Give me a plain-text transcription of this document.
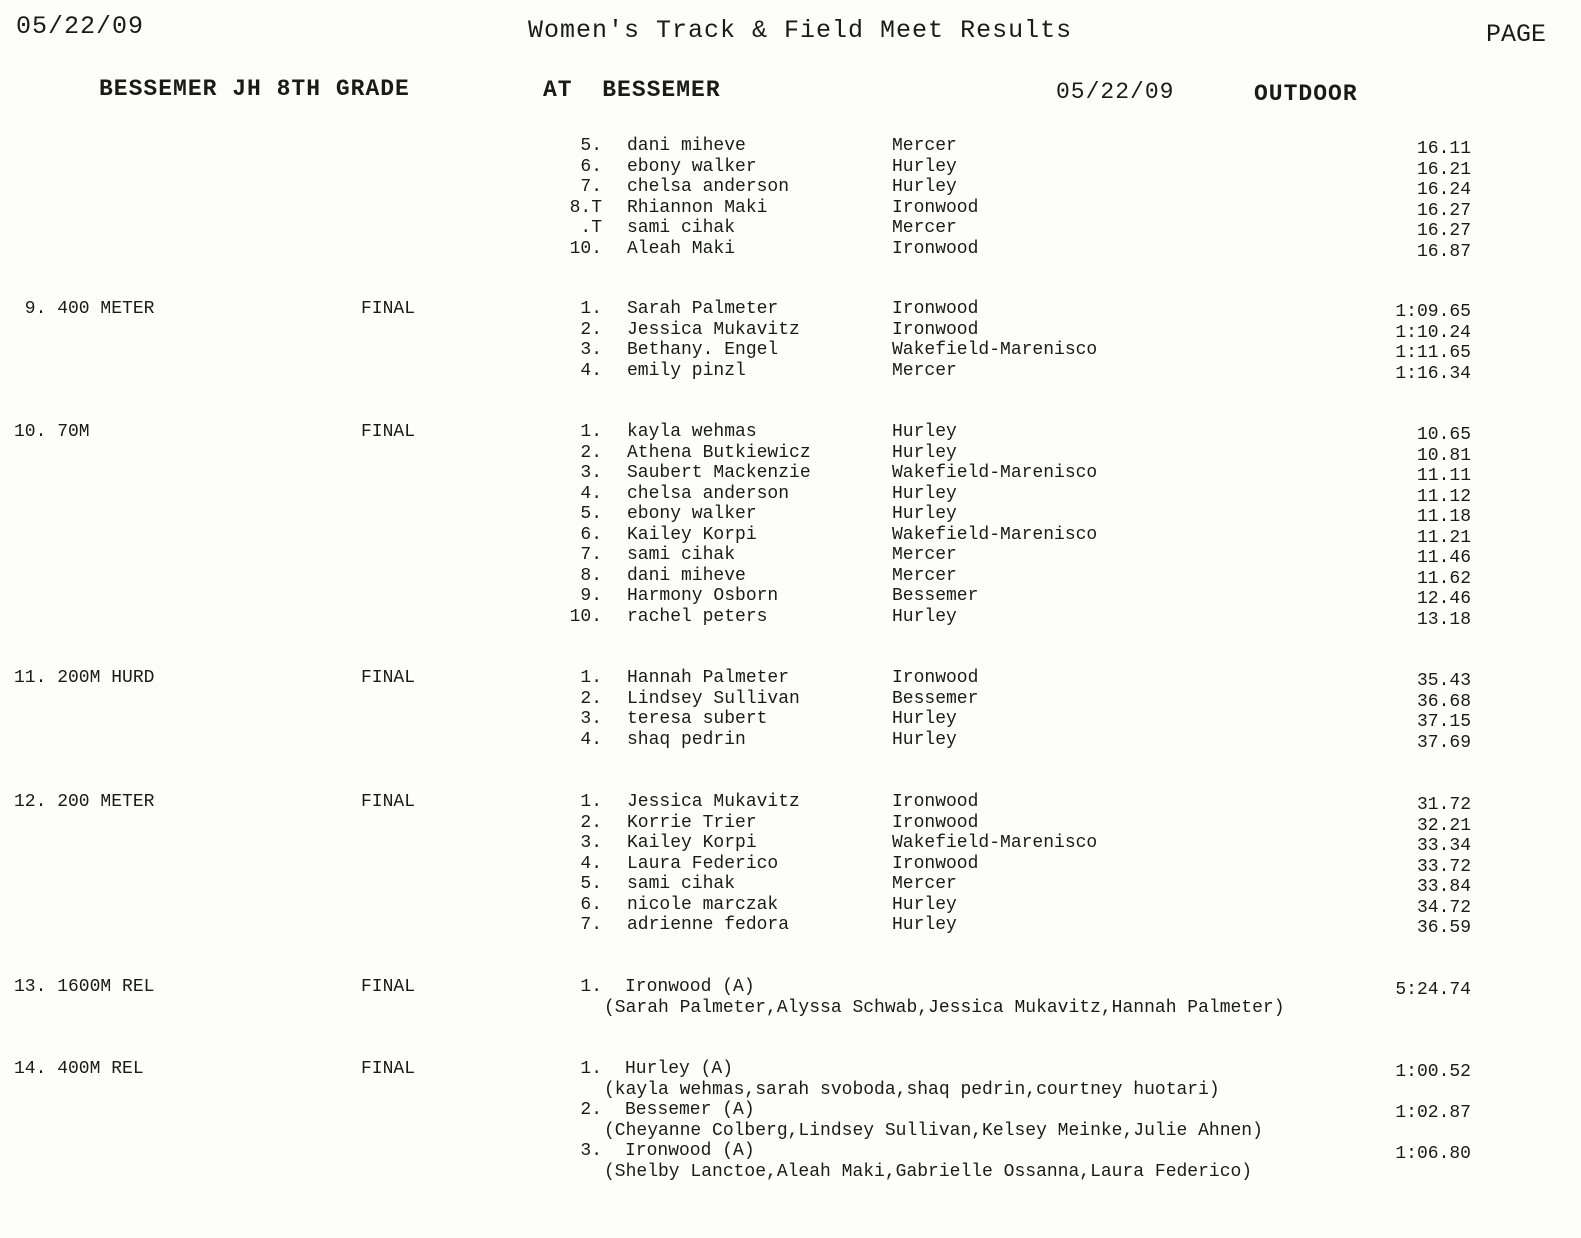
05/22/09	Women's Track & Field Meet Results	PAGE
BESSEMER JH 8TH GRADE	AT  BESSEMER	05/22/09	OUTDOOR
5. dani miheve	Mercer	16.11
6. ebony walker	Hurley	16.21
7. chelsa anderson	Hurley	16.24
8.T Rhiannon Maki	Ironwood	16.27
.T sami cihak	Mercer	16.27
10. Aleah Maki	Ironwood	16.87
9. 400 METER	FINAL	1. Sarah Palmeter	Ironwood	1:09.65
2. Jessica Mukavitz	Ironwood	1:10.24
3. Bethany. Engel	Wakefield-Marenisco	1:11.65
4. emily pinzl	Mercer	1:16.34
10. 70M	FINAL	1. kayla wehmas	Hurley	10.65
2. Athena Butkiewicz	Hurley	10.81
3. Saubert Mackenzie	Wakefield-Marenisco	11.11
4. chelsa anderson	Hurley	11.12
5. ebony walker	Hurley	11.18
6. Kailey Korpi	Wakefield-Marenisco	11.21
7. sami cihak	Mercer	11.46
8. dani miheve	Mercer	11.62
9. Harmony Osborn	Bessemer	12.46
10. rachel peters	Hurley	13.18
11. 200M HURD	FINAL	1. Hannah Palmeter	Ironwood	35.43
2. Lindsey Sullivan	Bessemer	36.68
3. teresa subert	Hurley	37.15
4. shaq pedrin	Hurley	37.69
12. 200 METER	FINAL	1. Jessica Mukavitz	Ironwood	31.72
2. Korrie Trier	Ironwood	32.21
3. Kailey Korpi	Wakefield-Marenisco	33.34
4. Laura Federico	Ironwood	33.72
5. sami cihak	Mercer	33.84
6. nicole marczak	Hurley	34.72
7. adrienne fedora	Hurley	36.59
13. 1600M REL	FINAL	1. Ironwood (A)	5:24.74
(Sarah Palmeter,Alyssa Schwab,Jessica Mukavitz,Hannah Palmeter)
14. 400M REL	FINAL	1. Hurley (A)	1:00.52
(kayla wehmas,sarah svoboda,shaq pedrin,courtney huotari)
2. Bessemer (A)	1:02.87
(Cheyanne Colberg,Lindsey Sullivan,Kelsey Meinke,Julie Ahnen)
3. Ironwood (A)	1:06.80
(Shelby Lanctoe,Aleah Maki,Gabrielle Ossanna,Laura Federico)
